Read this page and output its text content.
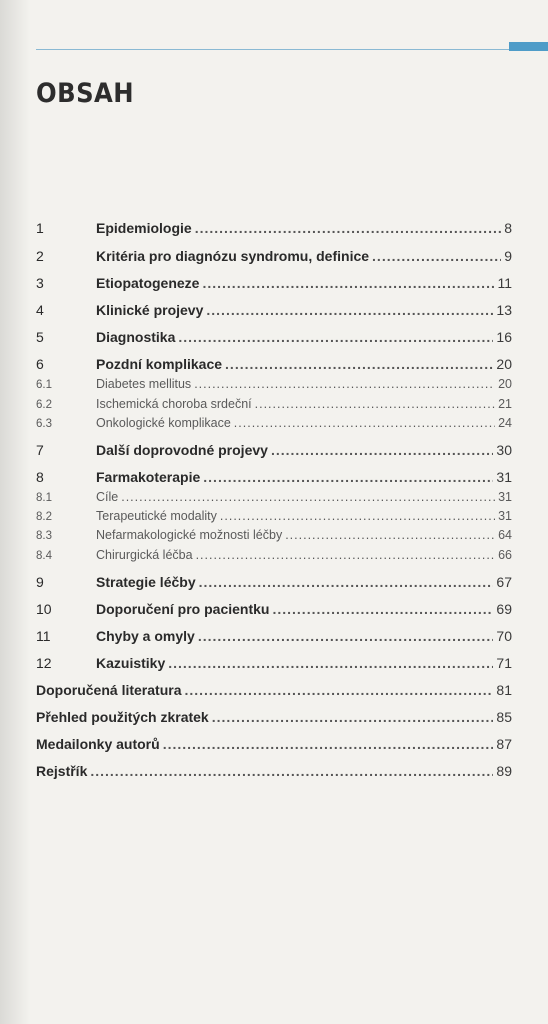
OBSAH
1	Epidemiologie .....	8
2	Kritéria pro diagnózu syndromu, definice .....	9
3	Etiopatogeneze .....	11
4	Klinické projevy .....	13
5	Diagnostika .....	16
6	Pozdní komplikace .....	20
6.1	Diabetes mellitus .....	20
6.2	Ischemická choroba srdeční .....	21
6.3	Onkologické komplikace .....	24
7	Další doprovodné projevy .....	30
8	Farmakoterapie .....	31
8.1	Cíle .....	31
8.2	Terapeutické modality .....	31
8.3	Nefarmakologické možnosti léčby .....	64
8.4	Chirurgická léčba .....	66
9	Strategie léčby .....	67
10	Doporučení pro pacientku .....	69
11	Chyby a omyly .....	70
12	Kazuistiky .....	71
Doporučená literatura .....	81
Přehled použitých zkratek .....	85
Medailonky autorů .....	87
Rejstřík .....	89
